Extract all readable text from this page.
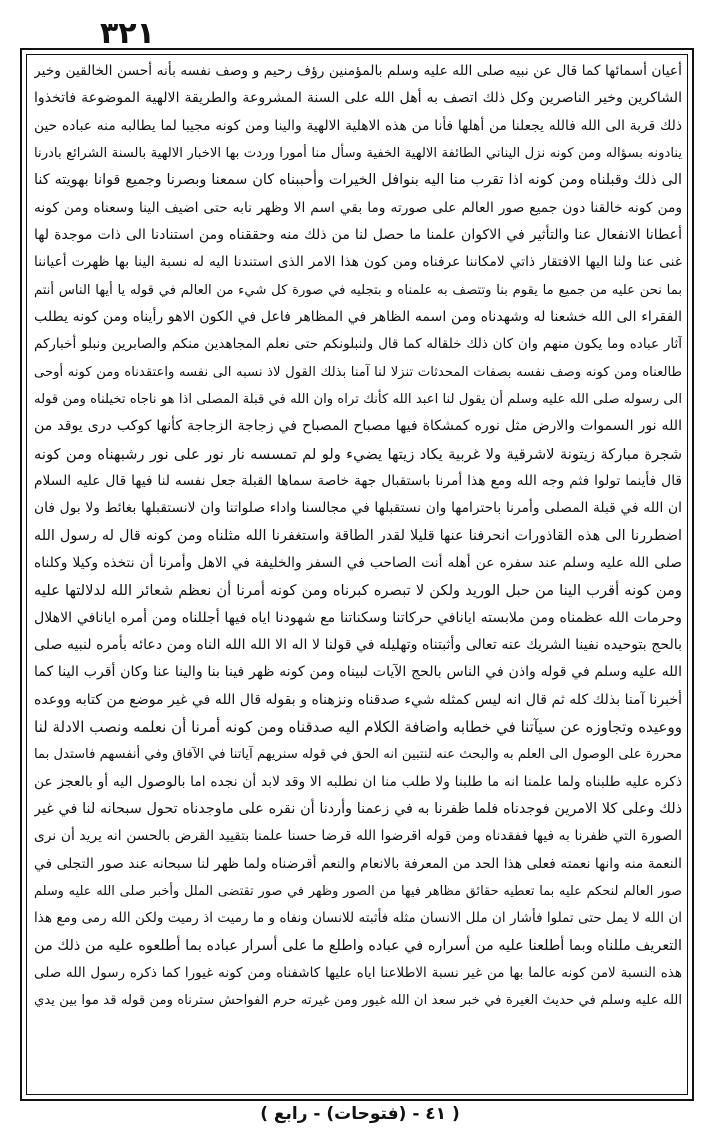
٣٢١
أعيان أسمائها كما قال عن نبيه صلى الله عليه وسلم بالمؤمنين رؤف رحيم و وصف نفسه بأنه أحسن الخالقين وخير
الشاكرين وخير الناصرين وكل ذلك اتصف به أهل الله على السنة المشروعة والطريقة الالهية الموضوعة فاتخذوا
ذلك قربة الى الله فالله يجعلنا من أهلها فأنا من هذه الاهلية الالهية والينا ومن كونه مجيبا لما يطالبه منه عباده حين
ينادونه بسؤاله ومن كونه نزل اليناني الطائفة الالهية الخفية وسأل منا أمورا وردت بها الاخبار الالهية بالسنة الشرائع بادرنا
الى ذلك وقبلناه ومن كونه اذا تقرب منا اليه بنوافل الخيرات وأحببناه كان سمعنا وبصرنا وجميع قوانا بهويته كنا
ومن كونه خالقنا دون جميع صور العالم على صورته وما بقي اسم الا وظهر نابه حتى اضيف الينا وسعناه ومن كونه
أعطانا الانفعال عنا والتأثير في الاكوان علمنا ما حصل لنا من ذلك منه وحققناه ومن استنادنا الى ذات موجدة لها
غنى عنا ولنا اليها الافتقار ذاتي لامكاننا عرفناه ومن كون هذا الامر الذى استندنا اليه له نسبة الينا بها ظهرت أعياننا
بما نحن عليه من جميع ما يقوم بنا وتتصف به علمناه و بتجليه في صورة كل شيء من العالم في قوله يا أيها الناس أنتم
الفقراء الى الله خشعنا له وشهدناه ومن اسمه الظاهر في المظاهر فاعل في الكون الاهو رأيناه ومن كونه يطلب
آثار عباده وما يكون منهم وان كان ذلك خلقاله كما قال ولنبلونكم حتى نعلم المجاهدين منكم والصابرين ونبلو أخباركم
طالعناه ومن كونه وصف نفسه بصفات المحدثات تنزلا لنا آمنا بذلك القول لاذ نسبه الى نفسه واعتقدناه ومن كونه أوحى
الى رسوله صلى الله عليه وسلم أن يقول لنا اعبد الله كأنك تراه وان الله في قبلة المصلى اذا هو ناجاه تخيلناه ومن قوله
الله نور السموات والارض مثل نوره كمشكاة فيها مصباح المصباح في زجاجة الزجاجة كأنها كوكب درى يوقد من
شجرة مباركة زيتونة لاشرقية ولا غربية يكاد زيتها يضيء ولو لم تمسسه نار نور على نور رشبهناه ومن كونه
قال فأينما تولوا فثم وجه الله ومع هذا أمرنا باستقبال جهة خاصة سماها القبلة جعل نفسه لنا فيها قال عليه السلام
ان الله في قبلة المصلى وأمرنا باحترامها وان نستقبلها في مجالسنا واداء صلواتنا وان لانستقبلها بغائط ولا بول فان
اضطررنا الى هذه القاذورات انحرفنا عنها قليلا لقدر الطاقة واستغفرنا الله مثلناه ومن كونه قال له رسول الله
صلى الله عليه وسلم عند سفره عن أهله أنت الصاحب في السفر والخليفة في الاهل وأمرنا أن نتخذه وكيلا وكلناه
ومن كونه أقرب الينا من حبل الوريد ولكن لا تبصره كبرناه ومن كونه أمرنا أن نعظم شعائر الله لدلالتها عليه
وحرمات الله عظمناه ومن ملابسته ايانافي حركاتنا وسكناتنا مع شهودنا اياه فيها أجللناه ومن أمره ايانافي الاهلال
بالحج بتوحيده نفينا الشريك عنه تعالى وأثبتناه وتهليله في قولنا لا اله الا الله الله الناه ومن دعائه بأمره لنبيه صلى
الله عليه وسلم في قوله واذن في الناس بالحج الآيات لبيناه ومن كونه ظهر فينا بنا والينا عنا وكان أقرب الينا كما
أخبرنا آمنا بذلك كله ثم قال انه ليس كمثله شيء صدقناه ونزهناه و بقوله قال الله في غير موضع من كتابه ووعده
ووعيده وتجاوزه عن سيآتنا في خطابه واضافة الكلام اليه صدقناه ومن كونه أمرنا أن نعلمه ونصب الادلة لنا
محررة على الوصول الى العلم به والبحث عنه لنتبين انه الحق في قوله سنريهم آياتنا في الآفاق وفي أنفسهم فاستدل بما
ذكره عليه طلبناه ولما علمنا انه ما طلبنا ولا طلب منا ان نطلبه الا وقد لابد أن نجده اما بالوصول اليه أو بالعجز عن
ذلك وعلى كلا الامرين فوجدناه فلما ظفرنا به في زعمنا وأردنا أن نقره على ماوجدناه تحول سبحانه لنا في غير
الصورة التي ظفرنا به فيها ففقدناه ومن قوله اقرضوا الله قرضا حسنا علمنا بتقييد القرض بالحسن انه يريد أن نرى
النعمة منه وانها نعمته فعلى هذا الحد من المعرفة بالانعام والنعم أقرضناه ولما ظهر لنا سبحانه عند صور التجلى في
صور العالم لنحكم عليه بما تعطيه حقائق مظاهر فيها من الصور وظهر في صور تقتضى الملل وأخبر صلى الله عليه وسلم
ان الله لا يمل حتى تملوا فأشار ان ملل الانسان مثله فأثبته للانسان ونفاه و ما رميت اذ رميت ولكن الله رمى ومع هذا
التعريف مللناه وبما أطلعنا عليه من أسراره في عباده واطلع ما على أسرار عباده بما أطلعوه عليه من ذلك من
هذه النسبة لامن كونه عالما بها من غير نسبة الاطلاعنا اياه عليها كاشفناه ومن كونه غيورا كما ذكره رسول الله صلى
الله عليه وسلم في حديث الغيرة في خبر سعد ان الله غيور ومن غيرته حرم الفواحش سترناه ومن قوله قد موا بين يدي
( ٤١ - (فتوحات) - رابع )
